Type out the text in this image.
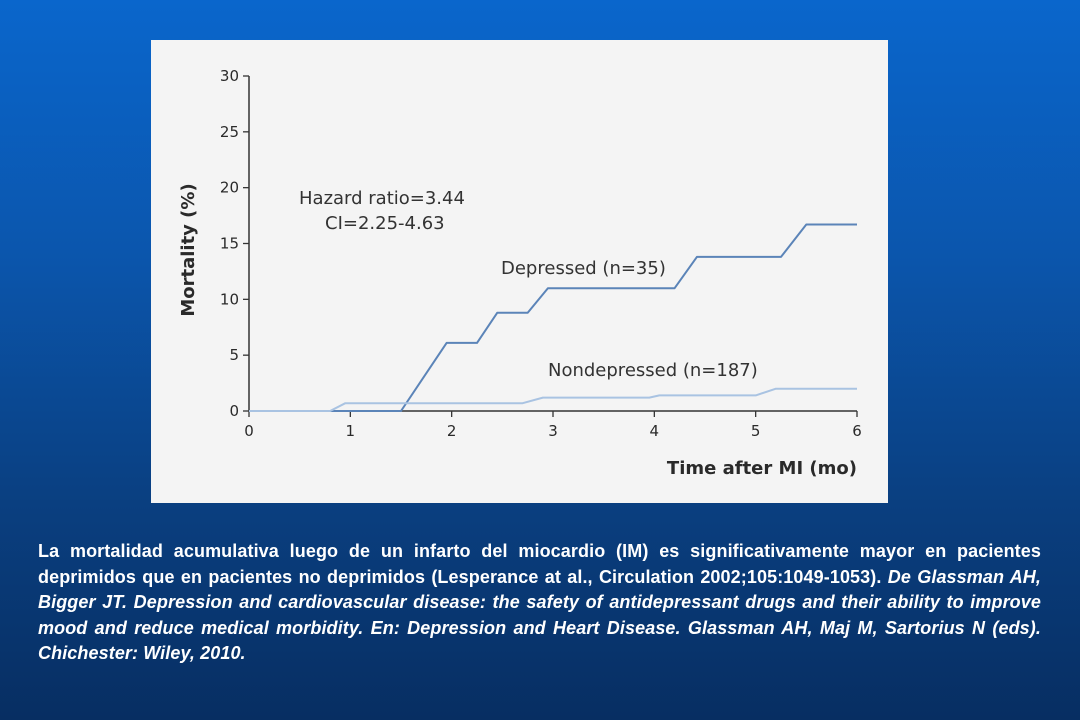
0
5
10
15
20
25
30
0	1	2	3	4	5	6
Mortality (%)
Time after MI (mo)
Hazard ratio=3.44
CI=2.25-4.63
Depressed (n=35)
Nondepressed (n=187)
La mortalidad acumulativa luego de un infarto del miocardio (IM) es significativamente mayor en pacientes deprimidos que en pacientes no deprimidos (Lesperance at al., Circulation 2002;105:1049-1053). De Glassman AH, Bigger JT. Depression and cardiovascular disease: the safety of antidepressant drugs and their ability to improve mood and reduce medical morbidity. En: Depression and Heart Disease. Glassman AH, Maj M, Sartorius N (eds). Chichester: Wiley, 2010.
